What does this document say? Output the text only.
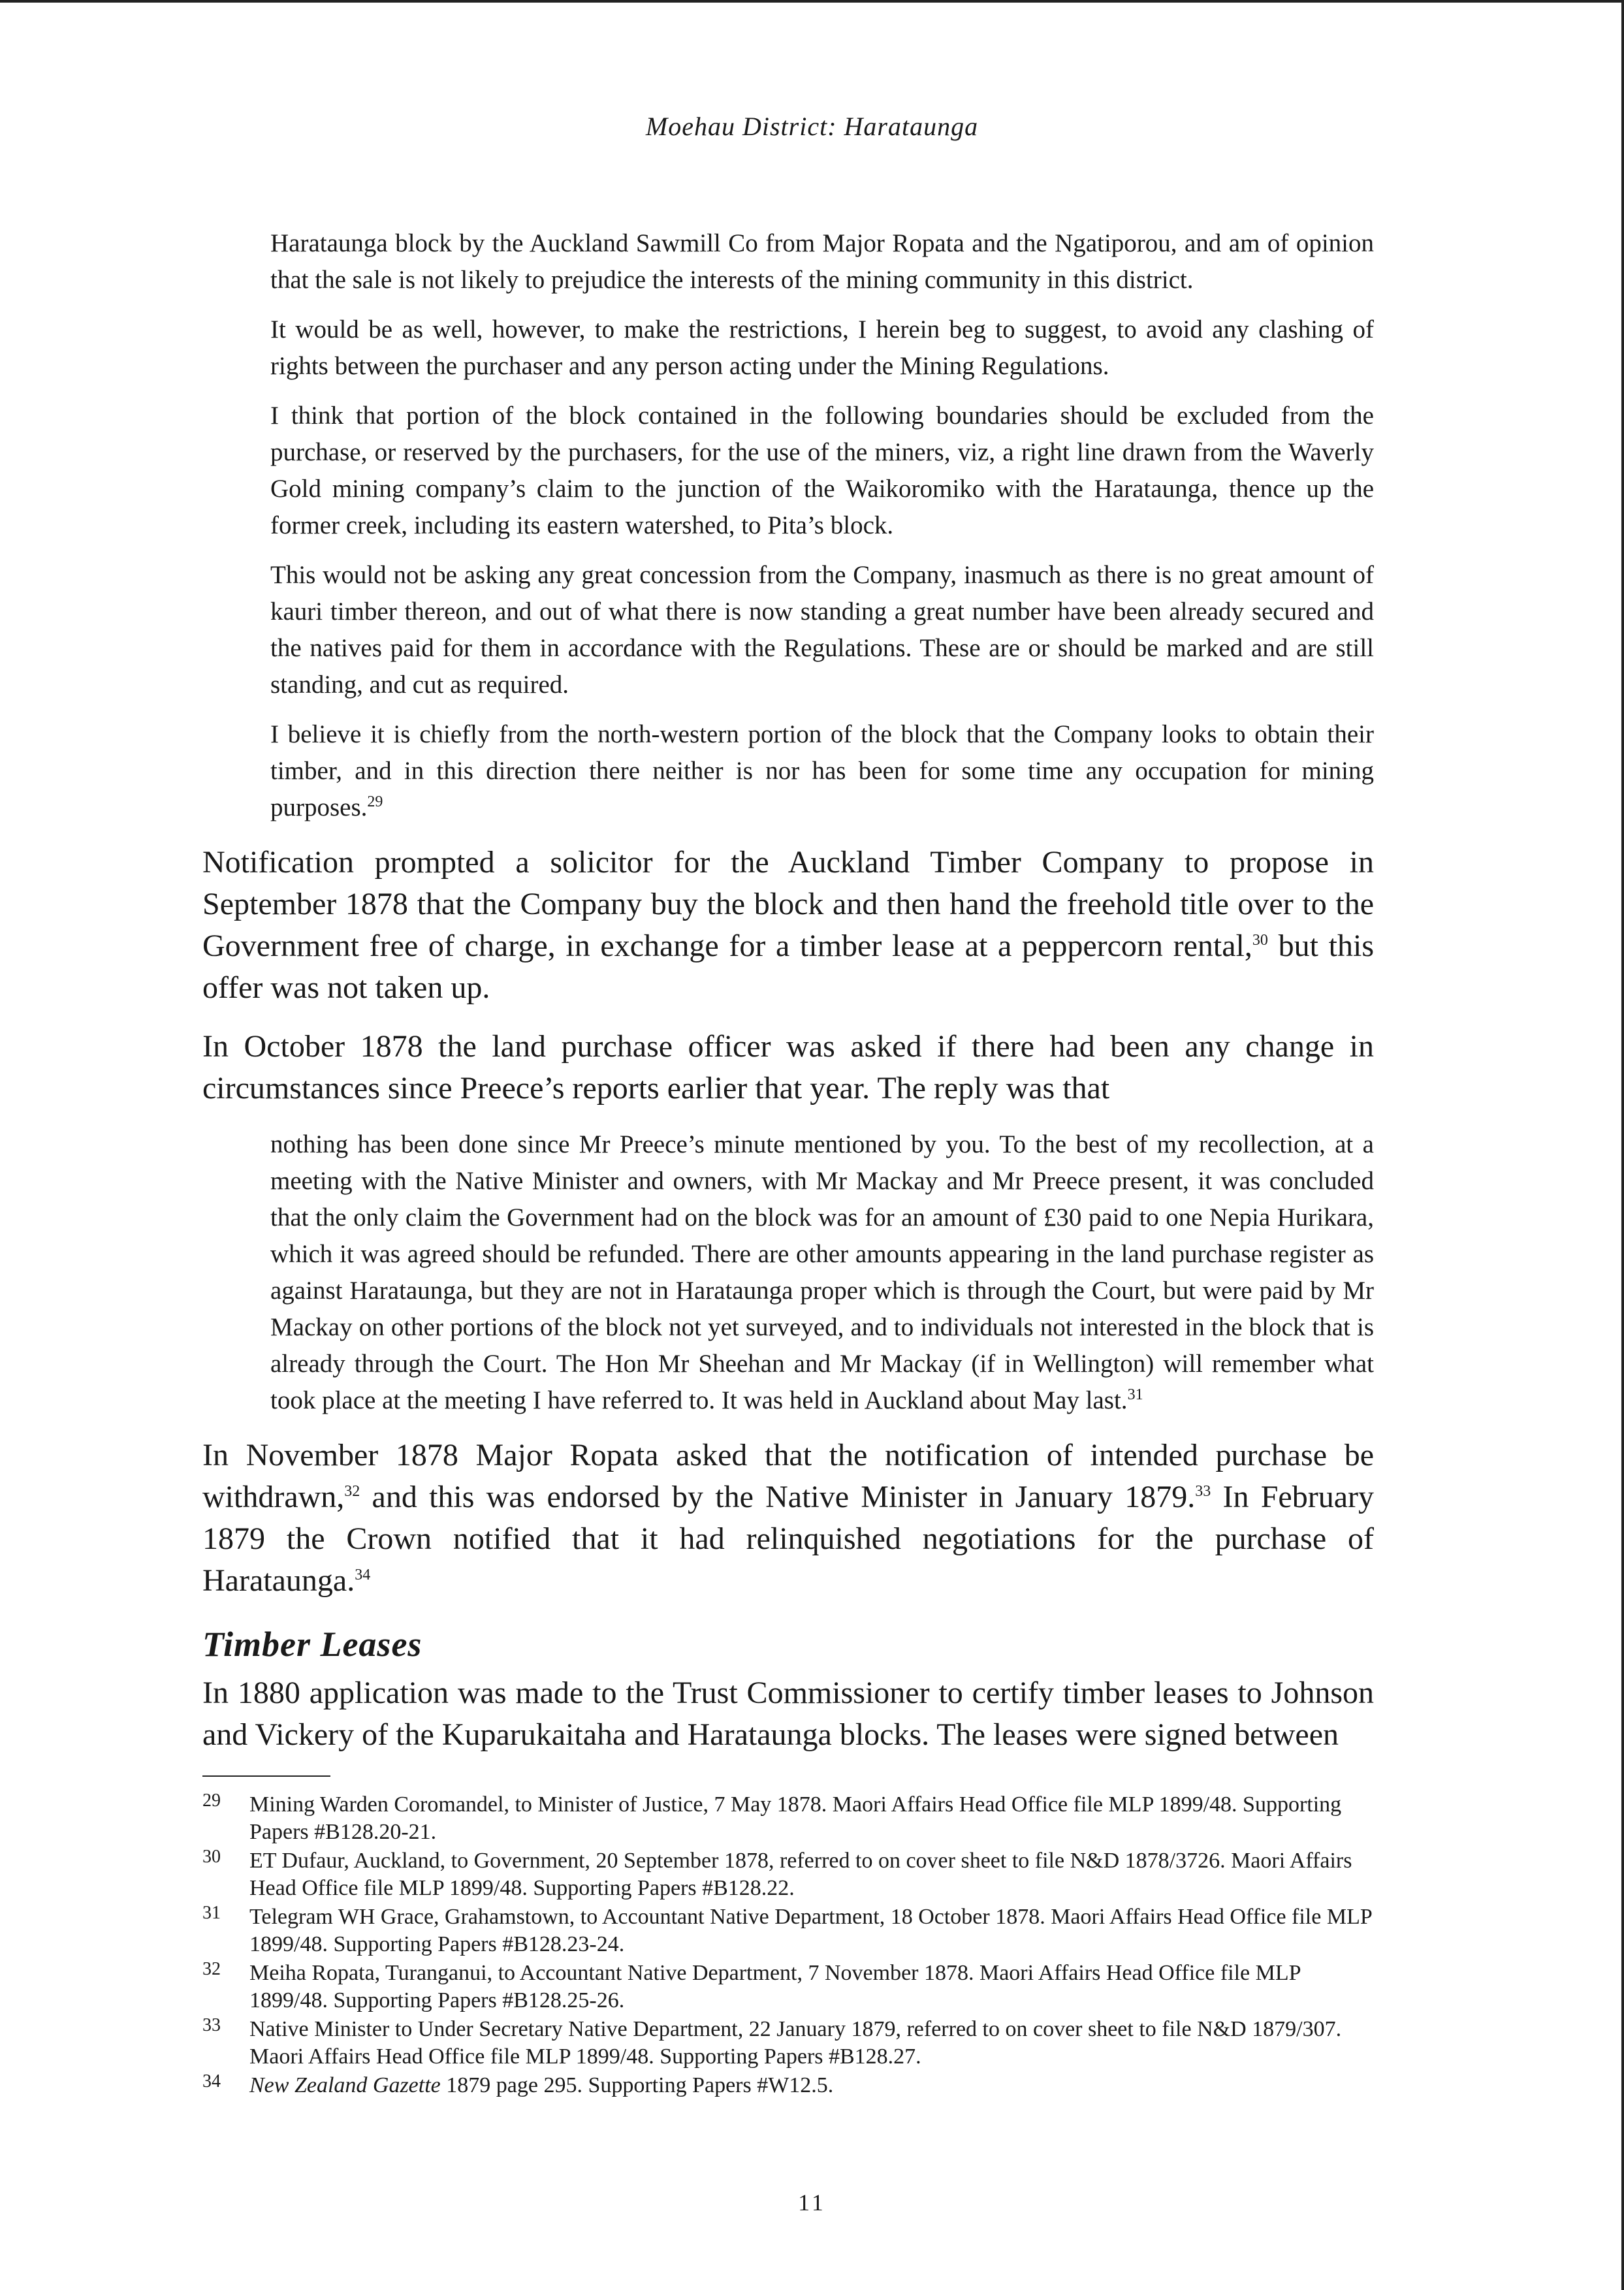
Moehau District: Harataunga

Harataunga block by the Auckland Sawmill Co from Major Ropata and the Ngatiporou, and am of opinion that the sale is not likely to prejudice the interests of the mining community in this district.

It would be as well, however, to make the restrictions, I herein beg to suggest, to avoid any clashing of rights between the purchaser and any person acting under the Mining Regulations.

I think that portion of the block contained in the following boundaries should be excluded from the purchase, or reserved by the purchasers, for the use of the miners, viz, a right line drawn from the Waverly Gold mining company’s claim to the junction of the Waikoromiko with the Harataunga, thence up the former creek, including its eastern watershed, to Pita’s block.

This would not be asking any great concession from the Company, inasmuch as there is no great amount of kauri timber thereon, and out of what there is now standing a great number have been already secured and the natives paid for them in accordance with the Regulations. These are or should be marked and are still standing, and cut as required.

I believe it is chiefly from the north-western portion of the block that the Company looks to obtain their timber, and in this direction there neither is nor has been for some time any occupation for mining purposes.$^{29}$

Notification prompted a solicitor for the Auckland Timber Company to propose in September 1878 that the Company buy the block and then hand the freehold title over to the Government free of charge, in exchange for a timber lease at a peppercorn rental,$^{30}$ but this offer was not taken up.

In October 1878 the land purchase officer was asked if there had been any change in circumstances since Preece’s reports earlier that year. The reply was that

nothing has been done since Mr Preece’s minute mentioned by you. To the best of my recollection, at a meeting with the Native Minister and owners, with Mr Mackay and Mr Preece present, it was concluded that the only claim the Government had on the block was for an amount of £30 paid to one Nepia Hurikara, which it was agreed should be refunded. There are other amounts appearing in the land purchase register as against Harataunga, but they are not in Harataunga proper which is through the Court, but were paid by Mr Mackay on other portions of the block not yet surveyed, and to individuals not interested in the block that is already through the Court. The Hon Mr Sheehan and Mr Mackay (if in Wellington) will remember what took place at the meeting I have referred to. It was held in Auckland about May last.$^{31}$

In November 1878 Major Ropata asked that the notification of intended purchase be withdrawn,$^{32}$ and this was endorsed by the Native Minister in January 1879.33 In February 1879 the Crown notified that it had relinquished negotiations for the purchase of Harataunga.$^{34}$

Timber Leases

In 1880 application was made to the Trust Commissioner to certify timber leases to Johnson and Vickery of the Kuparukaitaha and Harataunga blocks. The leases were signed between

29	Mining Warden Coromandel, to Minister of Justice, 7 May 1878. Maori Affairs Head Office file MLP 1899/48. Supporting Papers #B128.20-21.
30	ET Dufaur, Auckland, to Government, 20 September 1878, referred to on cover sheet to file N&D 1878/3726. Maori Affairs Head Office file MLP 1899/48. Supporting Papers #B128.22.
31	Telegram WH Grace, Grahamstown, to Accountant Native Department, 18 October 1878. Maori Affairs Head Office file MLP 1899/48. Supporting Papers #B128.23-24.
32	Meiha Ropata, Turanganui, to Accountant Native Department, 7 November 1878. Maori Affairs Head Office file MLP 1899/48. Supporting Papers #B128.25-26.
33	Native Minister to Under Secretary Native Department, 22 January 1879, referred to on cover sheet to file N&D 1879/307. Maori Affairs Head Office file MLP 1899/48. Supporting Papers #B128.27.
34	New Zealand Gazette 1879 page 295. Supporting Papers #W12.5.
11
